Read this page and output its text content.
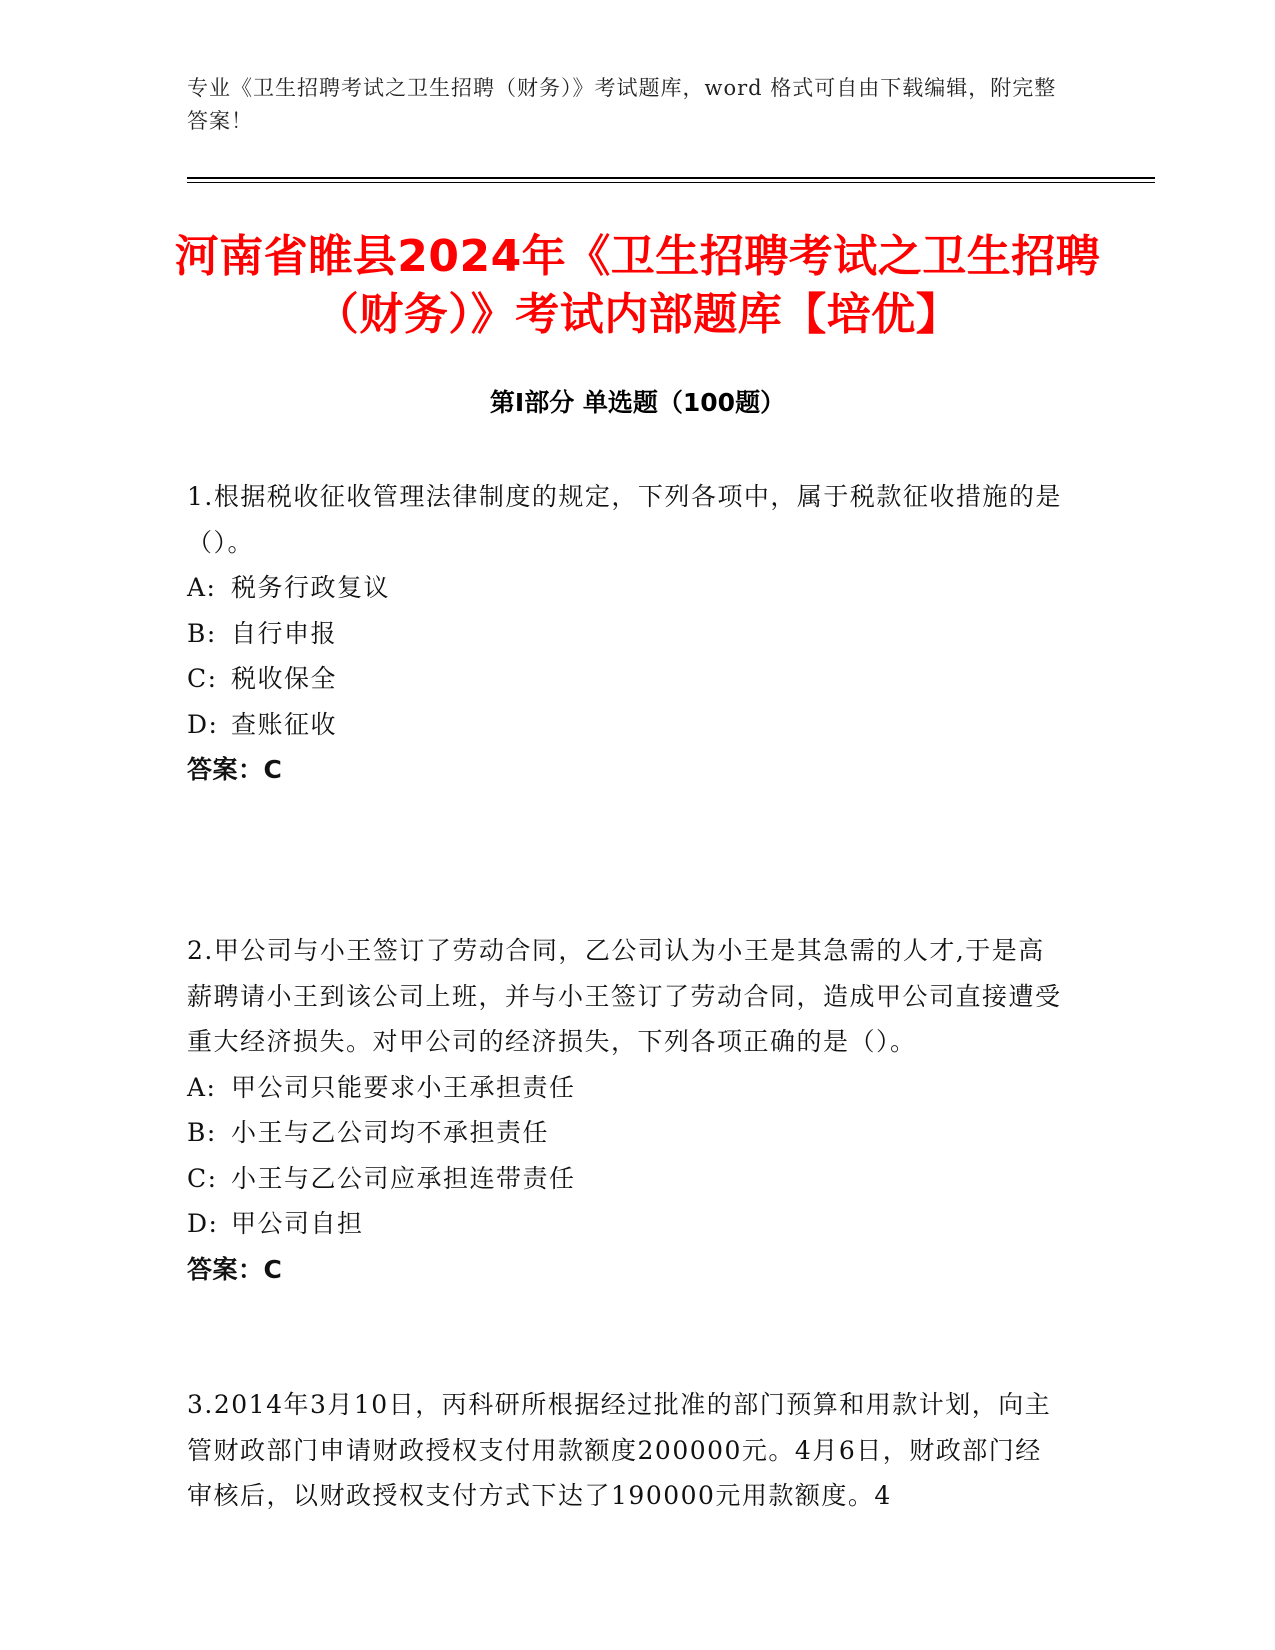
专业《卫生招聘考试之卫生招聘（财务）》考试题库，word 格式可自由下载编辑，附完整答案！
河南省睢县2024年《卫生招聘考试之卫生招聘（财务）》考试内部题库【培优】
第Ⅰ部分 单选题（100题）

1.根据税收征收管理法律制度的规定，下列各项中，属于税款征收措施的是（）。

A: 税务行政复议

B: 自行申报

C: 税收保全

D: 查账征收

答案：C

2.甲公司与小王签订了劳动合同，乙公司认为小王是其急需的人才,于是高薪聘请小王到该公司上班，并与小王签订了劳动合同，造成甲公司直接遭受重大经济损失。对甲公司的经济损失，下列各项正确的是（）。

A: 甲公司只能要求小王承担责任

B: 小王与乙公司均不承担责任

C: 小王与乙公司应承担连带责任

D: 甲公司自担

答案：C

3.2014年3月10日，丙科研所根据经过批准的部门预算和用款计划，向主管财政部门申请财政授权支付用款额度200000元。4月6日，财政部门经审核后，以财政授权支付方式下达了190000元用款额度。4
